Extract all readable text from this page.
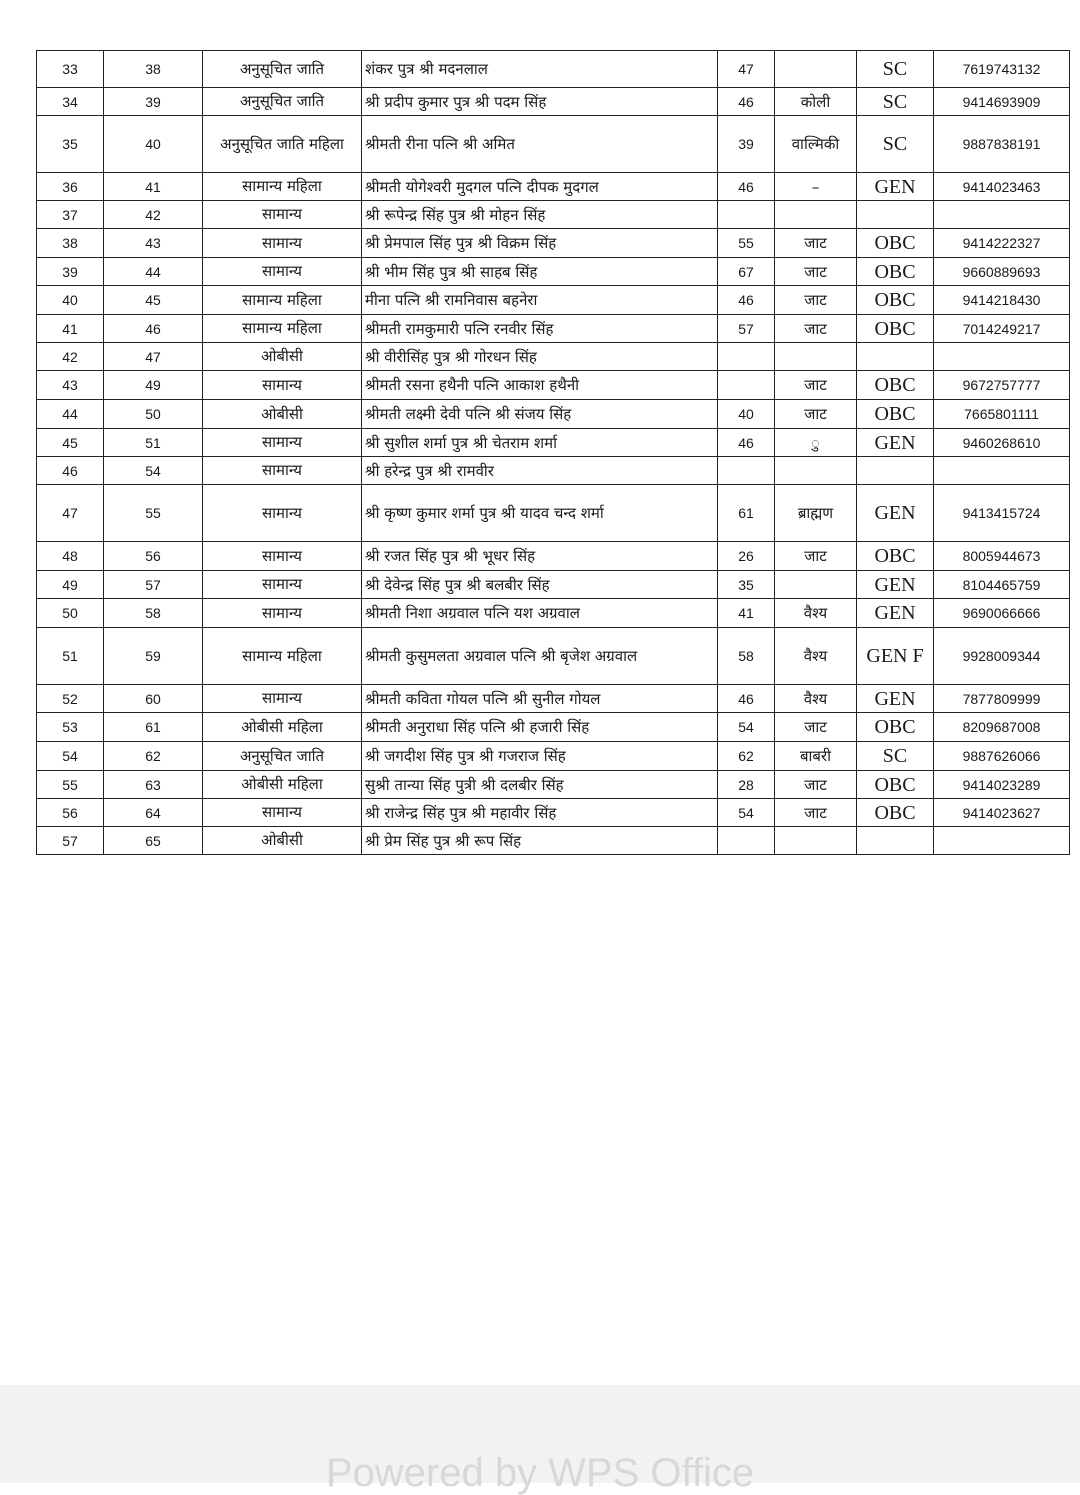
33	38	अनुसूचित जाति	शंकर पुत्र श्री मदनलाल	47		SC	7619743132
34	39	अनुसूचित जाति	श्री प्रदीप कुमार पुत्र श्री पदम सिंह	46	कोली	SC	9414693909
35	40	अनुसूचित जाति महिला	श्रीमती रीना पत्नि श्री अमित	39	वाल्मिकी	SC	9887838191
36	41	सामान्य महिला	श्रीमती योगेश्वरी मुदगल पत्नि दीपक मुदगल	46	–	GEN	9414023463
37	42	सामान्य	श्री रूपेन्द्र सिंह पुत्र श्री मोहन सिंह				
38	43	सामान्य	श्री प्रेमपाल सिंह पुत्र श्री विक्रम सिंह	55	जाट	OBC	9414222327
39	44	सामान्य	श्री भीम सिंह पुत्र श्री साहब सिंह	67	जाट	OBC	9660889693
40	45	सामान्य महिला	मीना पत्नि श्री रामनिवास बहनेरा	46	जाट	OBC	9414218430
41	46	सामान्य महिला	श्रीमती रामकुमारी पत्नि रनवीर सिंह	57	जाट	OBC	7014249217
42	47	ओबीसी	श्री वीरीसिंह पुत्र श्री गोरधन सिंह				
43	49	सामान्य	श्रीमती रसना हथैनी पत्नि आकाश हथैनी		जाट	OBC	9672757777
44	50	ओबीसी	श्रीमती लक्ष्मी देवी पत्नि श्री संजय सिंह	40	जाट	OBC	7665801111
45	51	सामान्य	श्री सुशील शर्मा पुत्र श्री चेतराम शर्मा	46	ु	GEN	9460268610
46	54	सामान्य	श्री हरेन्द्र पुत्र श्री रामवीर				
47	55	सामान्य	श्री कृष्ण कुमार शर्मा पुत्र श्री यादव चन्द शर्मा	61	ब्राह्मण	GEN	9413415724
48	56	सामान्य	श्री रजत सिंह पुत्र श्री भूधर सिंह	26	जाट	OBC	8005944673
49	57	सामान्य	श्री देवेन्द्र सिंह पुत्र श्री बलबीर सिंह	35		GEN	8104465759
50	58	सामान्य	श्रीमती निशा अग्रवाल पत्नि यश अग्रवाल	41	वैश्य	GEN	9690066666
51	59	सामान्य महिला	श्रीमती कुसुमलता अग्रवाल पत्नि श्री बृजेश अग्रवाल	58	वैश्य	GEN F	9928009344
52	60	सामान्य	श्रीमती कविता गोयल पत्नि श्री सुनील गोयल	46	वैश्य	GEN	7877809999
53	61	ओबीसी महिला	श्रीमती अनुराधा सिंह पत्नि श्री हजारी सिंह	54	जाट	OBC	8209687008
54	62	अनुसूचित जाति	श्री जगदीश सिंह पुत्र श्री गजराज सिंह	62	बाबरी	SC	9887626066
55	63	ओबीसी महिला	सुश्री तान्या सिंह पुत्री श्री दलबीर सिंह	28	जाट	OBC	9414023289
56	64	सामान्य	श्री राजेन्द्र सिंह पुत्र श्री महावीर सिंह	54	जाट	OBC	9414023627
57	65	ओबीसी	श्री प्रेम सिंह पुत्र श्री रूप सिंह				
Powered by WPS Office
